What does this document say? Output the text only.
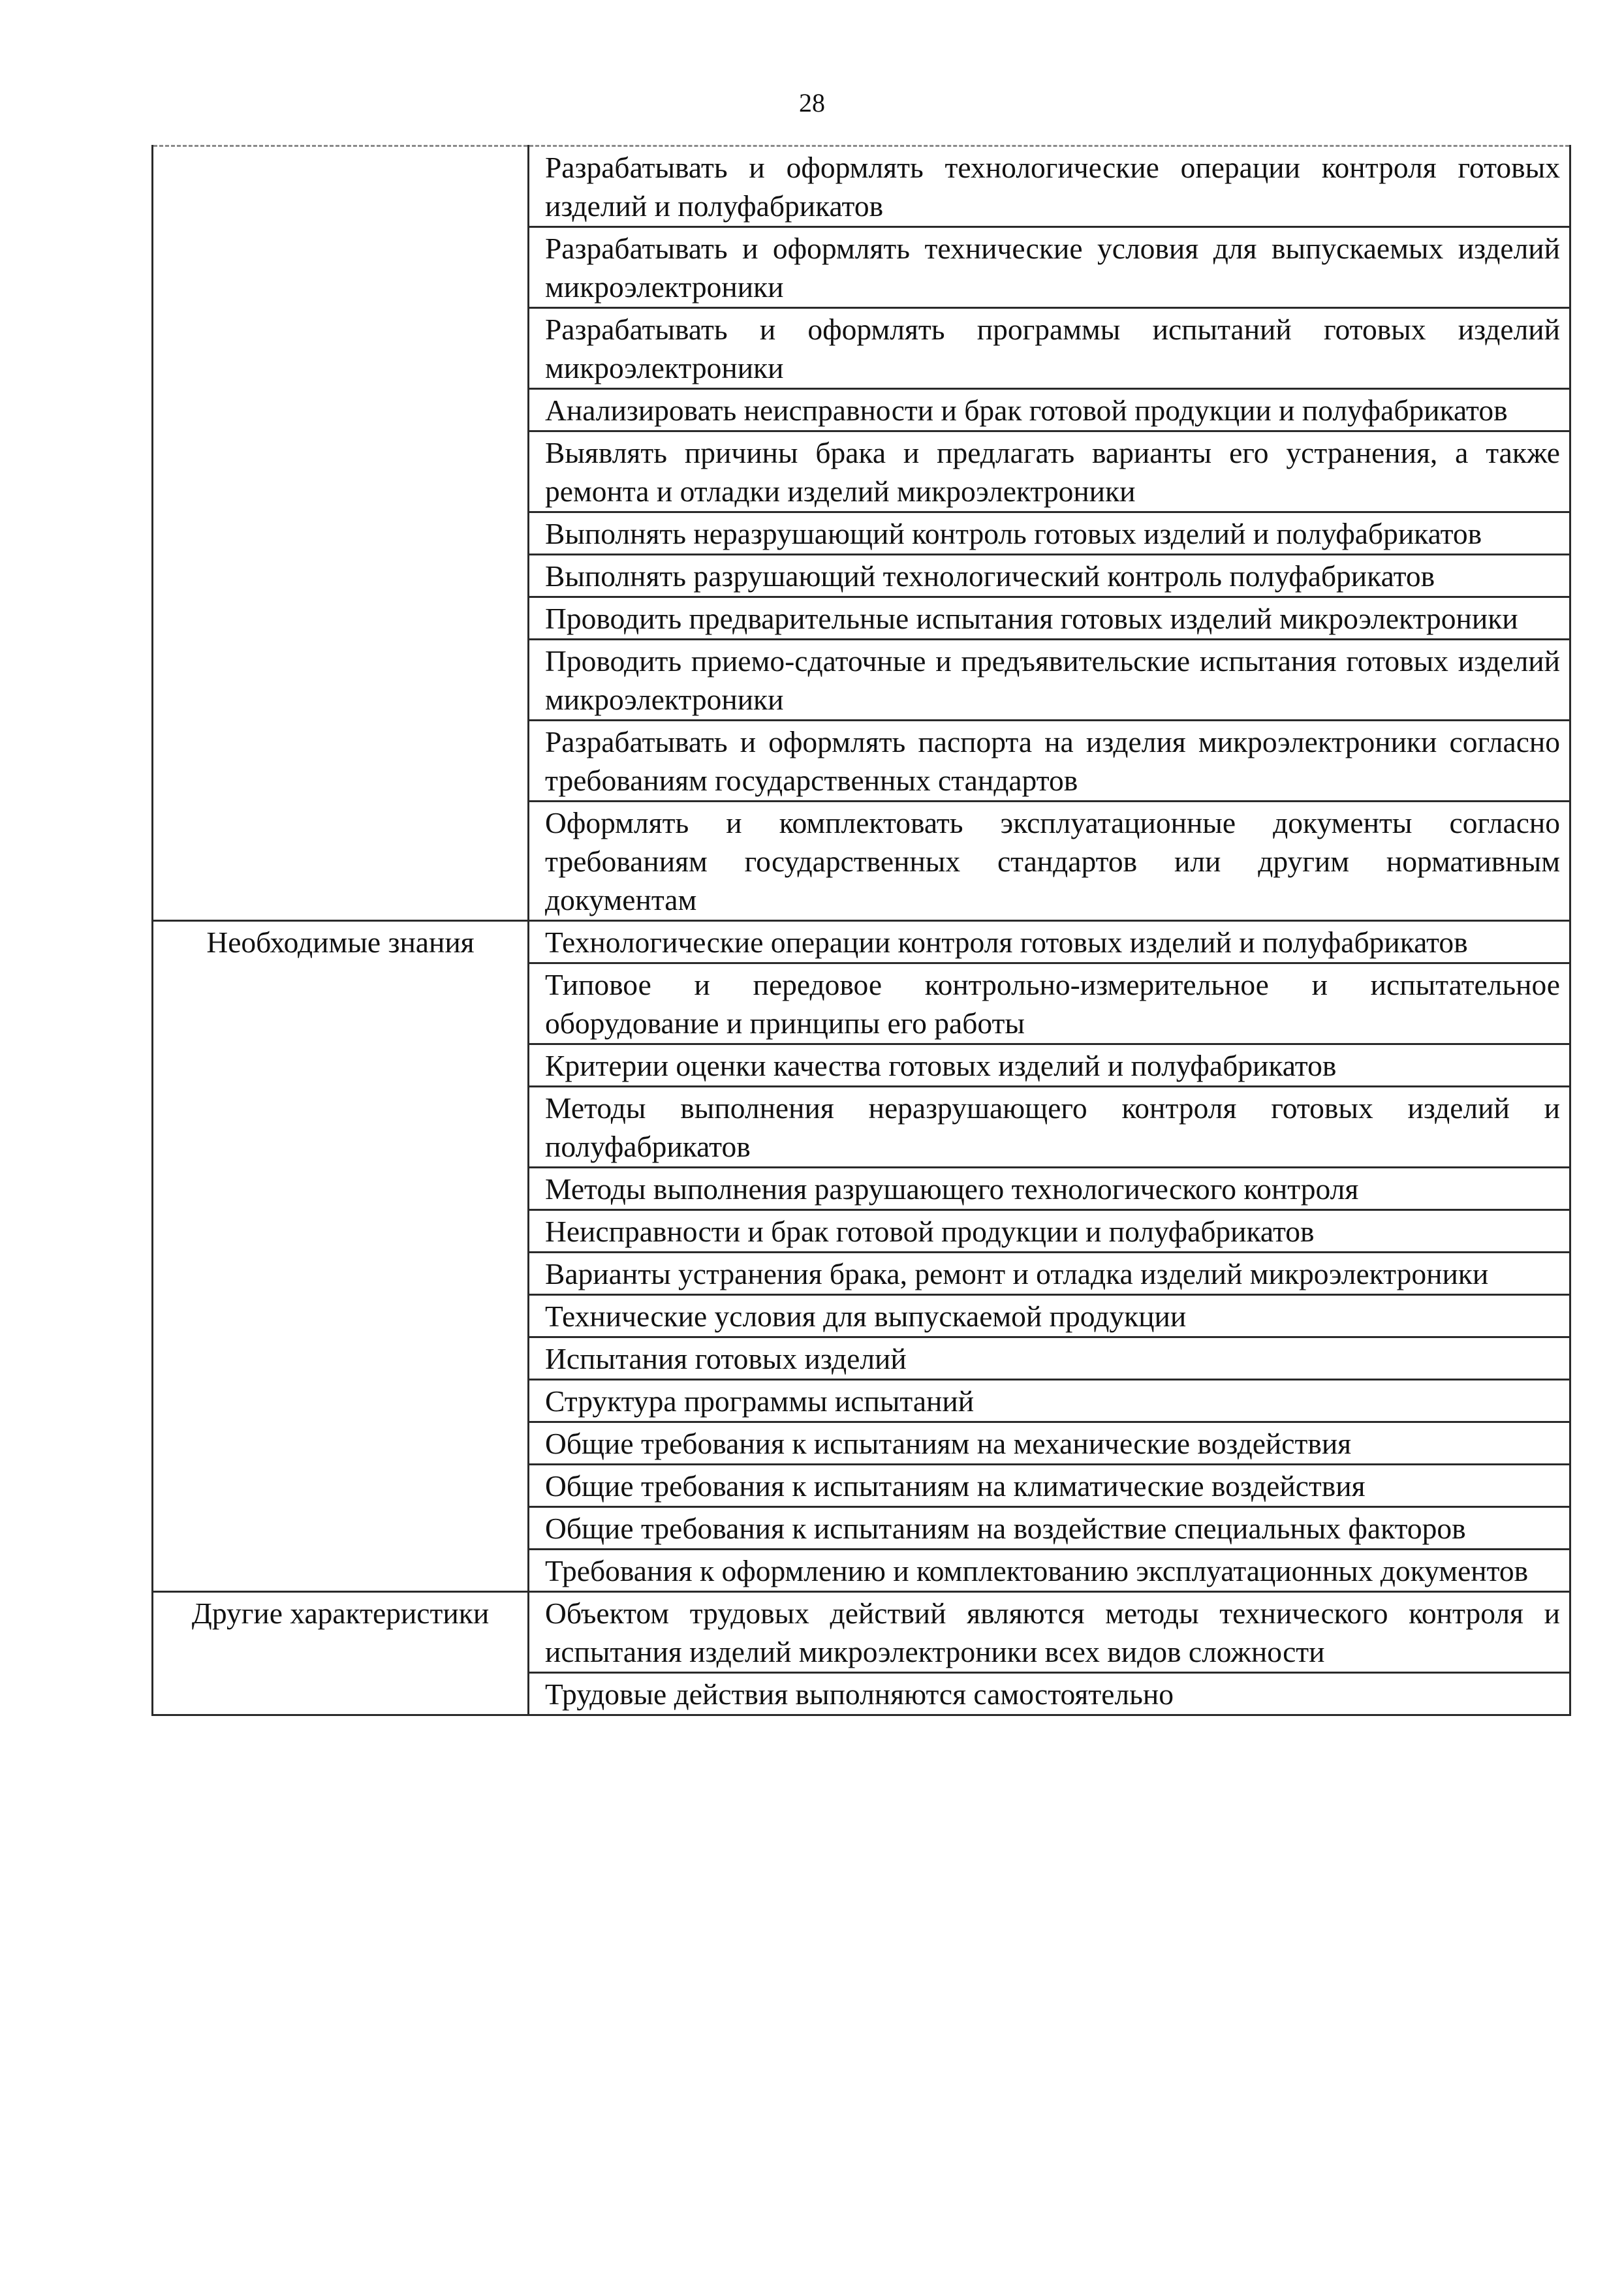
28
	Разрабатывать и оформлять технологические операции контроля готовых изделий и полуфабрикатов
	Разрабатывать и оформлять технические условия для выпускаемых изделий микроэлектроники
	Разрабатывать и оформлять программы испытаний готовых изделий микроэлектроники
	Анализировать неисправности и брак готовой продукции и полуфабрикатов
	Выявлять причины брака и предлагать варианты его устранения, а также ремонта и отладки изделий микроэлектроники
	Выполнять неразрушающий контроль готовых изделий и полуфабрикатов
	Выполнять разрушающий технологический контроль полуфабрикатов
	Проводить предварительные испытания готовых изделий микроэлектроники
	Проводить приемо-сдаточные и предъявительские испытания готовых изделий микроэлектроники
	Разрабатывать и оформлять паспорта на изделия микроэлектроники согласно требованиям государственных стандартов
	Оформлять и комплектовать эксплуатационные документы согласно требованиям государственных стандартов или другим нормативным документам
Необходимые знания	Технологические операции контроля готовых изделий и полуфабрикатов
	Типовое и передовое контрольно-измерительное и испытательное оборудование и принципы его работы
	Критерии оценки качества готовых изделий и полуфабрикатов
	Методы выполнения неразрушающего контроля готовых изделий и полуфабрикатов
	Методы выполнения разрушающего технологического контроля
	Неисправности и брак готовой продукции и полуфабрикатов
	Варианты устранения брака, ремонт и отладка изделий микроэлектроники
	Технические условия для выпускаемой продукции
	Испытания готовых изделий
	Структура программы испытаний
	Общие требования к испытаниям на механические воздействия
	Общие требования к испытаниям на климатические воздействия
	Общие требования к испытаниям на воздействие специальных факторов
	Требования к оформлению и комплектованию эксплуатационных документов
Другие характеристики	Объектом трудовых действий являются методы технического контроля и испытания изделий микроэлектроники всех видов сложности
	Трудовые действия выполняются самостоятельно
